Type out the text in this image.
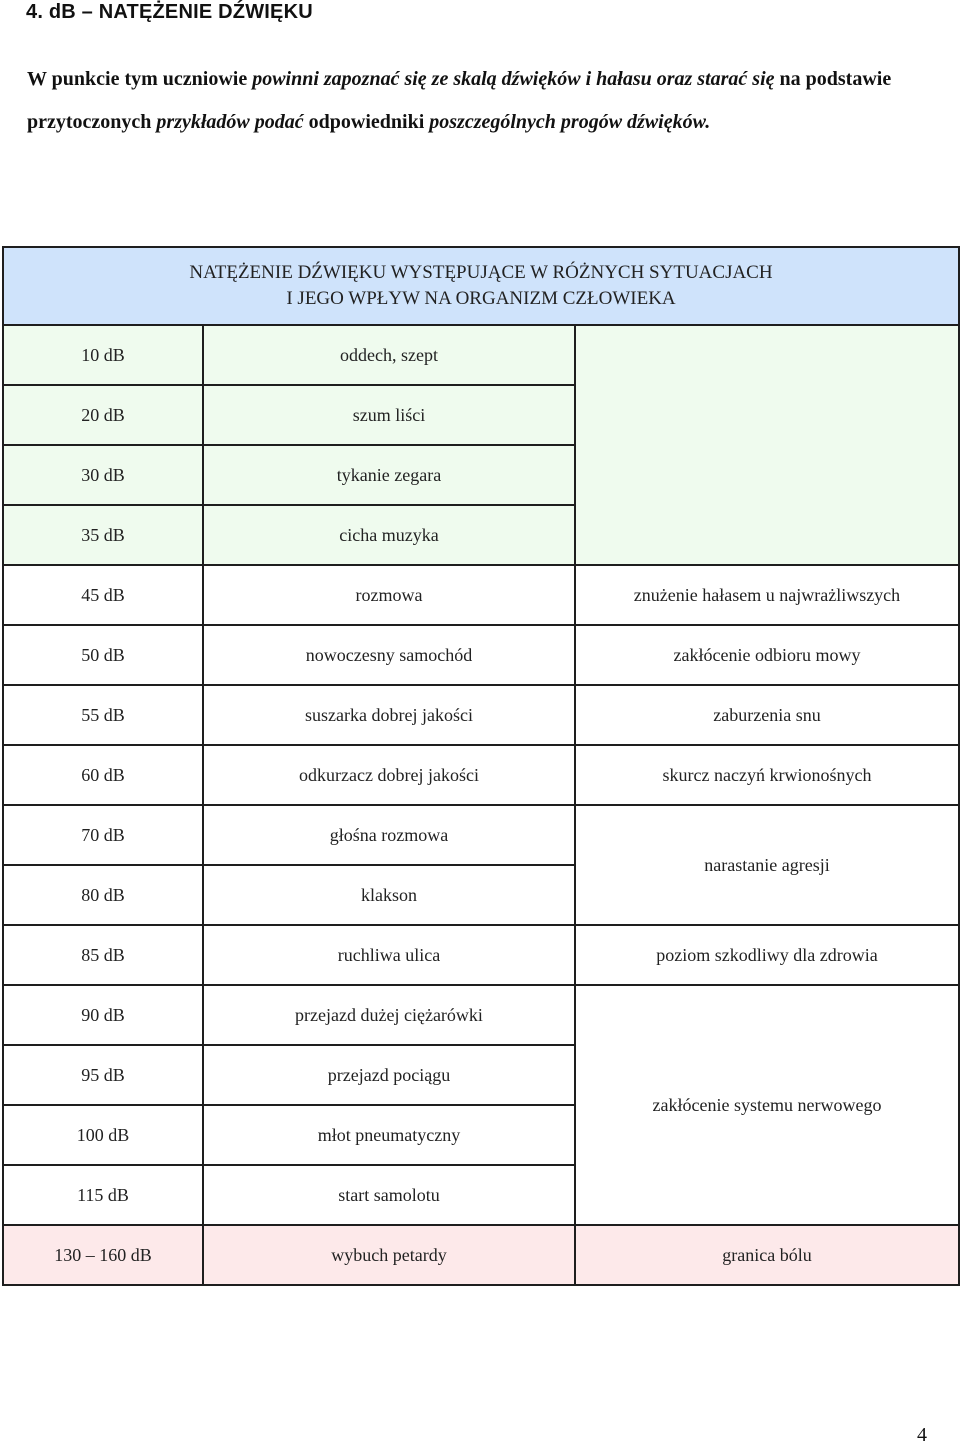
4. dB – NATĘŻENIE DŹWIĘKU

W punkcie tym uczniowie powinni zapoznać się ze skalą dźwięków i hałasu oraz starać się na podstawie przytoczonych przykładów podać odpowiedniki poszczególnych progów dźwięków.

NATĘŻENIE DŹWIĘKU WYSTĘPUJĄCE W RÓŻNYCH SYTUACJACH
I JEGO WPŁYW NA ORGANIZM CZŁOWIEKA		
10 dB	oddech, szept	
20 dB	szum liści	
30 dB	tykanie zegara	
35 dB	cicha muzyka	
45 dB	rozmowa	znużenie hałasem u najwrażliwszych
50 dB	nowoczesny samochód	zakłócenie odbioru mowy
55 dB	suszarka dobrej jakości	zaburzenia snu
60 dB	odkurzacz dobrej jakości	skurcz naczyń krwionośnych
70 dB	głośna rozmowa	narastanie agresji
80 dB	klakson	
85 dB	ruchliwa ulica	poziom szkodliwy dla zdrowia
90 dB	przejazd dużej ciężarówki	zakłócenie systemu nerwowego
95 dB	przejazd pociągu	
100 dB	młot pneumatyczny	
115 dB	start samolotu	
130 – 160 dB	wybuch petardy	granica bólu
4
